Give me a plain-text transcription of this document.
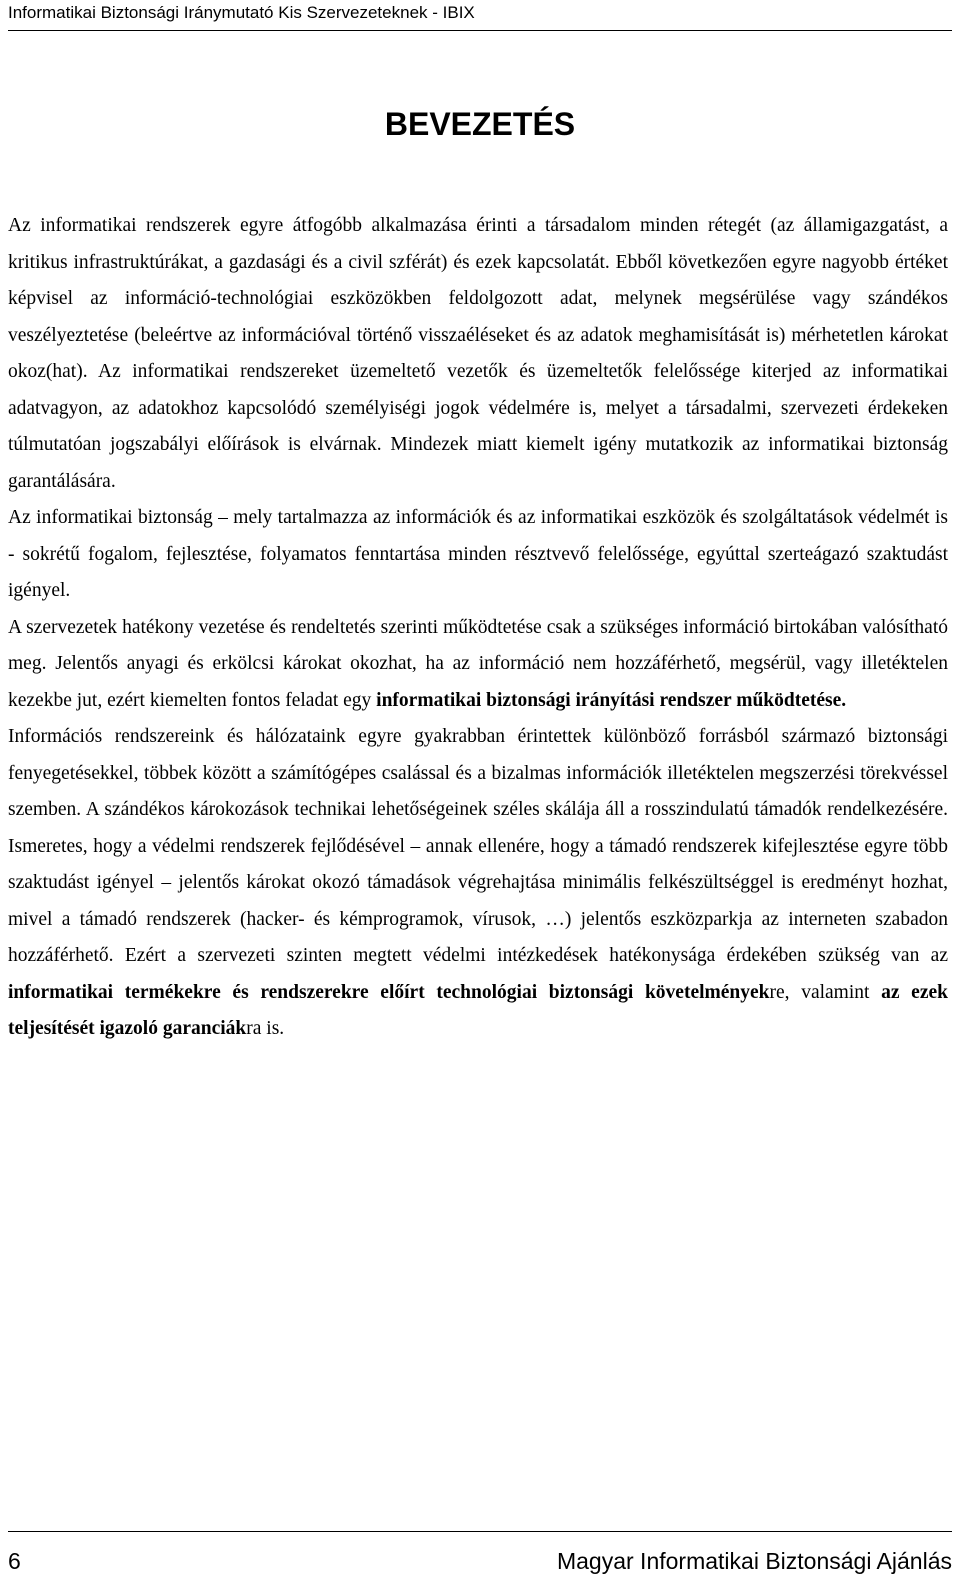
Informatikai Biztonsági Iránymutató Kis Szervezeteknek - IBIX
BEVEZETÉS

Az informatikai rendszerek egyre átfogóbb alkalmazása érinti a társadalom minden rétegét (az államigazgatást, a kritikus infrastruktúrákat, a gazdasági és a civil szférát) és ezek kapcsolatát. Ebből következően egyre nagyobb értéket képvisel az információ-technológiai eszközökben feldolgozott adat, melynek megsérülése vagy szándékos veszélyeztetése (beleértve az információval történő visszaéléseket és az adatok meghamisítását is) mérhetetlen károkat okoz(hat). Az informatikai rendszereket üzemeltető vezetők és üzemeltetők felelőssége kiterjed az informatikai adatvagyon, az adatokhoz kapcsolódó személyiségi jogok védelmére is, melyet a társadalmi, szervezeti érdekeken túlmutatóan jogszabályi előírások is elvárnak. Mindezek miatt kiemelt igény mutatkozik az informatikai biztonság garantálására.

Az informatikai biztonság – mely tartalmazza az információk és az informatikai eszközök és szolgáltatások védelmét is - sokrétű fogalom, fejlesztése, folyamatos fenntartása minden résztvevő felelőssége, egyúttal szerteágazó szaktudást igényel.

A szervezetek hatékony vezetése és rendeltetés szerinti működtetése csak a szükséges információ birtokában valósítható meg. Jelentős anyagi és erkölcsi károkat okozhat, ha az információ nem hozzáférhető, megsérül, vagy illetéktelen kezekbe jut, ezért kiemelten fontos feladat egy informatikai biztonsági irányítási rendszer működtetése.

Információs rendszereink és hálózataink egyre gyakrabban érintettek különböző forrásból származó biztonsági fenyegetésekkel, többek között a számítógépes csalással és a bizalmas információk illetéktelen megszerzési törekvéssel szemben. A szándékos károkozások technikai lehetőségeinek széles skálája áll a rosszindulatú támadók rendelkezésére. Ismeretes, hogy a védelmi rendszerek fejlődésével – annak ellenére, hogy a támadó rendszerek kifejlesztése egyre több szaktudást igényel – jelentős károkat okozó támadások végrehajtása minimális felkészültséggel is eredményt hozhat, mivel a támadó rendszerek (hacker- és kémprogramok, vírusok, …) jelentős eszközparkja az interneten szabadon hozzáférhető. Ezért a szervezeti szinten megtett védelmi intézkedések hatékonysága érdekében szükség van az informatikai termékekre és rendszerekre előírt technológiai biztonsági követelményekre, valamint az ezek teljesítését igazoló garanciákra is.

6	Magyar Informatikai Biztonsági Ajánlás
